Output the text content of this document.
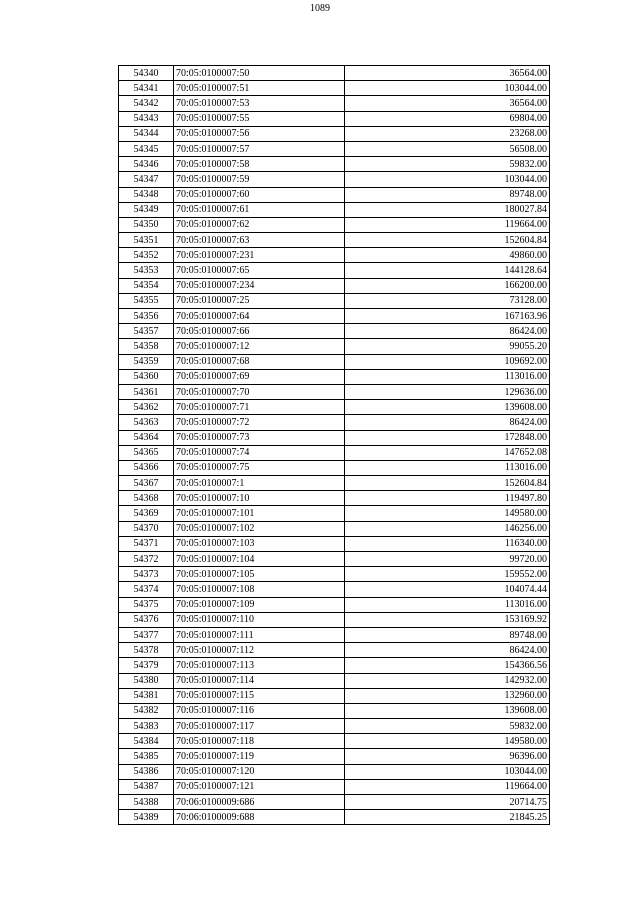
1089
54340	70:05:0100007:50	36564.00
54341	70:05:0100007:51	103044.00
54342	70:05:0100007:53	36564.00
54343	70:05:0100007:55	69804.00
54344	70:05:0100007:56	23268.00
54345	70:05:0100007:57	56508.00
54346	70:05:0100007:58	59832.00
54347	70:05:0100007:59	103044.00
54348	70:05:0100007:60	89748.00
54349	70:05:0100007:61	180027.84
54350	70:05:0100007:62	119664.00
54351	70:05:0100007:63	152604.84
54352	70:05:0100007:231	49860.00
54353	70:05:0100007:65	144128.64
54354	70:05:0100007:234	166200.00
54355	70:05:0100007:25	73128.00
54356	70:05:0100007:64	167163.96
54357	70:05:0100007:66	86424.00
54358	70:05:0100007:12	99055.20
54359	70:05:0100007:68	109692.00
54360	70:05:0100007:69	113016.00
54361	70:05:0100007:70	129636.00
54362	70:05:0100007:71	139608.00
54363	70:05:0100007:72	86424.00
54364	70:05:0100007:73	172848.00
54365	70:05:0100007:74	147652.08
54366	70:05:0100007:75	113016.00
54367	70:05:0100007:1	152604.84
54368	70:05:0100007:10	119497.80
54369	70:05:0100007:101	149580.00
54370	70:05:0100007:102	146256.00
54371	70:05:0100007:103	116340.00
54372	70:05:0100007:104	99720.00
54373	70:05:0100007:105	159552.00
54374	70:05:0100007:108	104074.44
54375	70:05:0100007:109	113016.00
54376	70:05:0100007:110	153169.92
54377	70:05:0100007:111	89748.00
54378	70:05:0100007:112	86424.00
54379	70:05:0100007:113	154366.56
54380	70:05:0100007:114	142932.00
54381	70:05:0100007:115	132960.00
54382	70:05:0100007:116	139608.00
54383	70:05:0100007:117	59832.00
54384	70:05:0100007:118	149580.00
54385	70:05:0100007:119	96396.00
54386	70:05:0100007:120	103044.00
54387	70:05:0100007:121	119664.00
54388	70:06:0100009:686	20714.75
54389	70:06:0100009:688	21845.25
